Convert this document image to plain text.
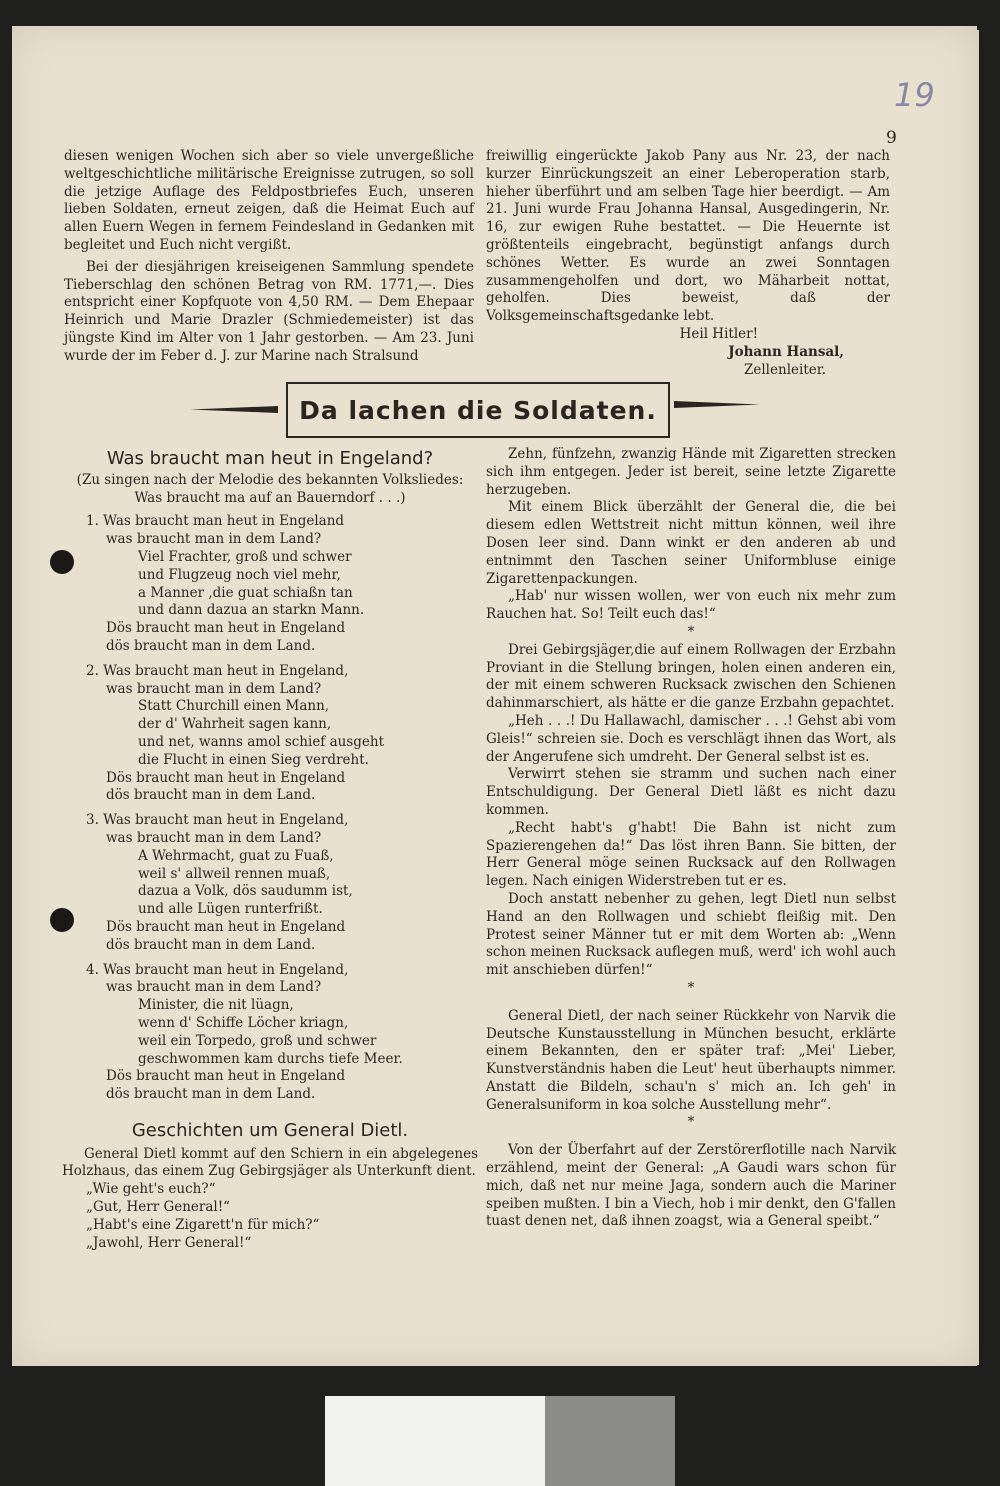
19
9

diesen wenigen Wochen sich aber so viele unvergeßliche weltgeschichtliche militärische Ereignisse zutrugen, so soll die jetzige Auflage des Feldpostbriefes Euch, unseren lieben Soldaten, erneut zeigen, daß die Heimat Euch auf allen Euern Wegen in fernem Feindesland in Gedanken mit begleitet und Euch nicht vergißt.

Bei der diesjährigen kreiseigenen Sammlung spendete Tieberschlag den schönen Betrag von RM. 1771,—. Dies entspricht einer Kopfquote von 4,50 RM. — Dem Ehepaar Heinrich und Marie Drazler (Schmiedemeister) ist das jüngste Kind im Alter von 1 Jahr gestorben. — Am 23. Juni wurde der im Feber d. J. zur Marine nach Stralsund

freiwillig eingerückte Jakob Pany aus Nr. 23, der nach kurzer Einrückungszeit an einer Leberoperation starb, hieher überführt und am selben Tage hier beerdigt. — Am 21. Juni wurde Frau Johanna Hansal, Ausgedingerin, Nr. 16, zur ewigen Ruhe bestattet. — Die Heuernte ist größtenteils eingebracht, begünstigt anfangs durch schönes Wetter. Es wurde an zwei Sonntagen zusammengeholfen und dort, wo Mäharbeit nottat, geholfen. Dies beweist, daß der Volksgemeinschaftsgedanke lebt.

Heil Hitler!

Johann Hansal,

Zellenleiter.

Da lachen die Soldaten.

Was braucht man heut in Engeland?

(Zu singen nach der Melodie des bekannten Volksliedes: Was braucht ma auf an Bauerndorf . . .)

1. Was braucht man heut in Engeland
was braucht man in dem Land?
Viel Frachter, groß und schwer
und Flugzeug noch viel mehr,
a Manner ,die guat schiaßn tan
und dann dazua an starkn Mann.
Dös braucht man heut in Engeland
dös braucht man in dem Land.
2. Was braucht man heut in Engeland,
was braucht man in dem Land?
Statt Churchill einen Mann,
der d' Wahrheit sagen kann,
und net, wanns amol schief ausgeht
die Flucht in einen Sieg verdreht.
Dös braucht man heut in Engeland
dös braucht man in dem Land.
3. Was braucht man heut in Engeland,
was braucht man in dem Land?
A Wehrmacht, guat zu Fuaß,
weil s' allweil rennen muaß,
dazua a Volk, dös saudumm ist,
und alle Lügen runterfrißt.
Dös braucht man heut in Engeland
dös braucht man in dem Land.
4. Was braucht man heut in Engeland,
was braucht man in dem Land?
Minister, die nit lüagn,
wenn d' Schiffe Löcher kriagn,
weil ein Torpedo, groß und schwer
geschwommen kam durchs tiefe Meer.
Dös braucht man heut in Engeland
dös braucht man in dem Land.

Geschichten um General Dietl.

General Dietl kommt auf den Schiern in ein abgelegenes Holzhaus, das einem Zug Gebirgsjäger als Unterkunft dient.

„Wie geht's euch?“

„Gut, Herr General!“

„Habt's eine Zigarett'n für mich?“

„Jawohl, Herr General!“

Zehn, fünfzehn, zwanzig Hände mit Zigaretten strecken sich ihm entgegen. Jeder ist bereit, seine letzte Zigarette herzugeben.

Mit einem Blick überzählt der General die, die bei diesem edlen Wettstreit nicht mittun können, weil ihre Dosen leer sind. Dann winkt er den anderen ab und entnimmt den Taschen seiner Uniformbluse einige Zigarettenpackungen.

„Hab' nur wissen wollen, wer von euch nix mehr zum Rauchen hat. So! Teilt euch das!“

*

Drei Gebirgsjäger,die auf einem Rollwagen der Erzbahn Proviant in die Stellung bringen, holen einen anderen ein, der mit einem schweren Rucksack zwischen den Schienen dahinmarschiert, als hätte er die ganze Erzbahn gepachtet.

„Heh . . .! Du Hallawachl, damischer . . .! Gehst abi vom Gleis!“ schreien sie. Doch es verschlägt ihnen das Wort, als der Angerufene sich umdreht. Der General selbst ist es.

Verwirrt stehen sie stramm und suchen nach einer Entschuldigung. Der General Dietl läßt es nicht dazu kommen.

„Recht habt's g'habt! Die Bahn ist nicht zum Spazierengehen da!“ Das löst ihren Bann. Sie bitten, der Herr General möge seinen Rucksack auf den Rollwagen legen. Nach einigen Widerstreben tut er es.

Doch anstatt nebenher zu gehen, legt Dietl nun selbst Hand an den Rollwagen und schiebt fleißig mit. Den Protest seiner Männer tut er mit dem Worten ab: „Wenn schon meinen Rucksack auflegen muß, werd' ich wohl auch mit anschieben dürfen!“

*

General Dietl, der nach seiner Rückkehr von Narvik die Deutsche Kunstausstellung in München besucht, erklärte einem Bekannten, den er später traf: „Mei' Lieber, Kunstverständnis haben die Leut' heut überhaupts nimmer. Anstatt die Bildeln, schau'n s' mich an. Ich geh' in Generalsuniform in koa solche Ausstellung mehr“.

*

Von der Überfahrt auf der Zerstörerflotille nach Narvik erzählend, meint der General: „A Gaudi wars schon für mich, daß net nur meine Jaga, sondern auch die Mariner speiben mußten. I bin a Viech, hob i mir denkt, den G'fallen tuast denen net, daß ihnen zoagst, wia a General speibt.“
